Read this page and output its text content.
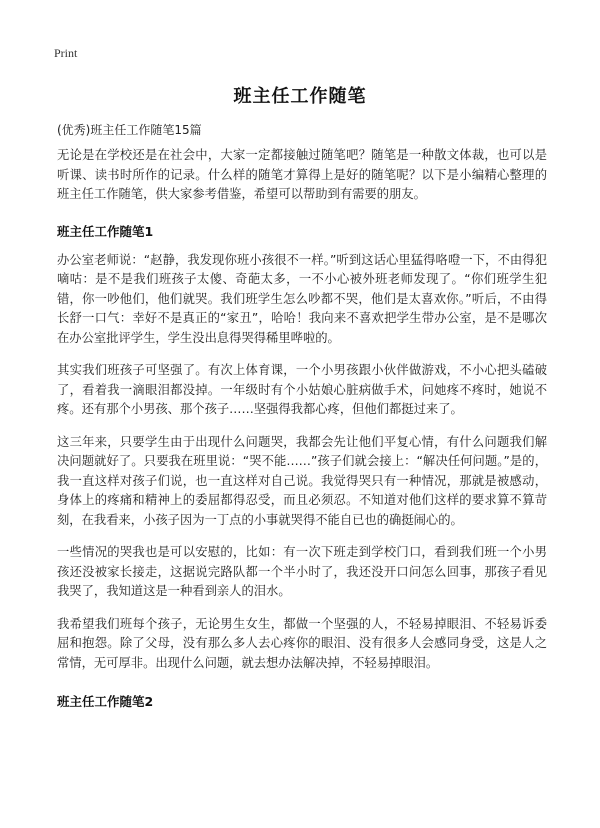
Print
班主任工作随笔
(优秀)班主任工作随笔15篇

无论是在学校还是在社会中，大家一定都接触过随笔吧？随笔是一种散文体裁，也可以是听课、读书时所作的记录。什么样的随笔才算得上是好的随笔呢？以下是小编精心整理的班主任工作随笔，供大家参考借鉴，希望可以帮助到有需要的朋友。

班主任工作随笔1

办公室老师说：“赵静，我发现你班小孩很不一样。”听到这话心里猛得咯噔一下，不由得犯嘀咕：是不是我们班孩子太傻、奇葩太多，一不小心被外班老师发现了。“你们班学生犯错，你一吵他们，他们就哭。我们班学生怎么吵都不哭，他们是太喜欢你。”听后，不由得长舒一口气：幸好不是真正的“家丑”，哈哈！我向来不喜欢把学生带办公室，是不是哪次在办公室批评学生，学生没出息得哭得稀里哗啦的。

其实我们班孩子可坚强了。有次上体育课，一个小男孩跟小伙伴做游戏，不小心把头磕破了，看着我一滴眼泪都没掉。一年级时有个小姑娘心脏病做手术，问她疼不疼时，她说不疼。还有那个小男孩、那个孩子……坚强得我都心疼，但他们都挺过来了。

这三年来，只要学生由于出现什么问题哭，我都会先让他们平复心情，有什么问题我们解决问题就好了。只要我在班里说：“哭不能……”孩子们就会接上：“解决任何问题。”是的，我一直这样对孩子们说，也一直这样对自己说。我觉得哭只有一种情况，那就是被感动，身体上的疼痛和精神上的委屈都得忍受，而且必须忍。不知道对他们这样的要求算不算苛刻，在我看来，小孩子因为一丁点的小事就哭得不能自已也的确挺闹心的。

一些情况的哭我也是可以安慰的，比如：有一次下班走到学校门口，看到我们班一个小男孩还没被家长接走，这据说完路队都一个半小时了，我还没开口问怎么回事，那孩子看见我哭了，我知道这是一种看到亲人的泪水。

我希望我们班每个孩子，无论男生女生，都做一个坚强的人，不轻易掉眼泪、不轻易诉委屈和抱怨。除了父母，没有那么多人去心疼你的眼泪、没有很多人会感同身受，这是人之常情，无可厚非。出现什么问题，就去想办法解决掉，不轻易掉眼泪。

班主任工作随笔2
